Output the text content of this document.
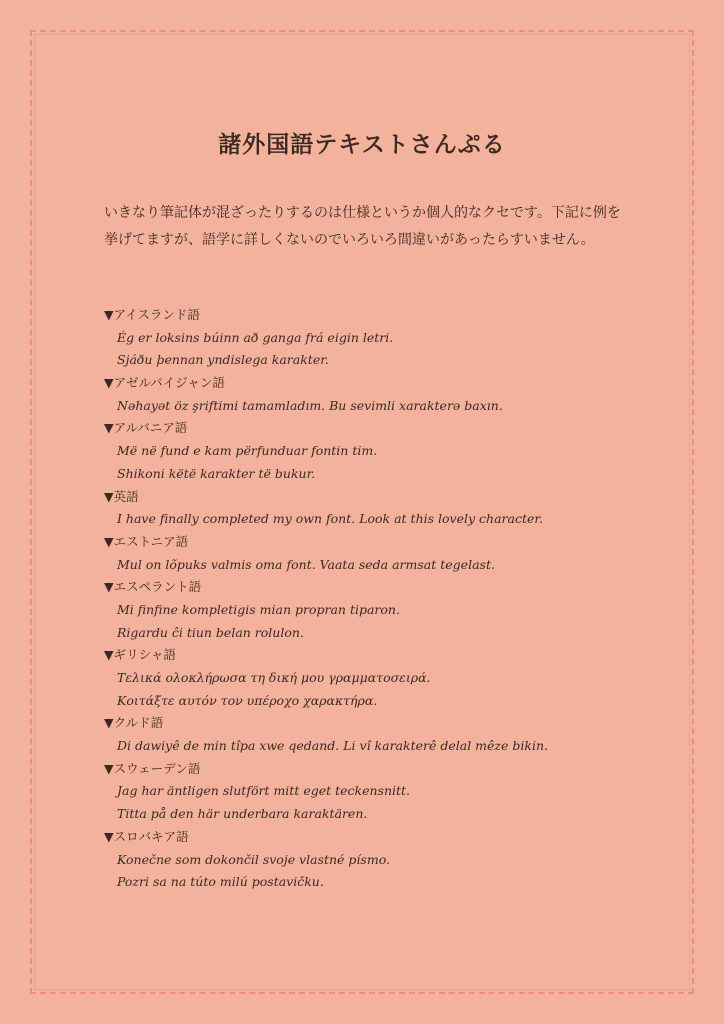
諸外国語テキストさんぷる

いきなり筆記体が混ざったりするのは仕様というか個人的なクセです。下記に例を挙げてますが、語学に詳しくないのでいろいろ間違いがあったらすいません。

▼アイスランド語
Ég er loksins búinn að ganga frá eigin letri.
Sjáðu þennan yndislega karakter.
▼アゼルバイジャン語
Nəhayət öz şriftimi tamamladım. Bu sevimli xarakterə baxın.
▼アルバニア語
Më në fund e kam përfunduar fontin tim.
Shikoni këtë karakter të bukur.
▼英語
I have finally completed my own font. Look at this lovely character.
▼エストニア語
Mul on lõpuks valmis oma font. Vaata seda armsat tegelast.
▼エスペラント語
Mi finfine kompletigis mian propran tiparon.
Rigardu ĉi tiun belan rolulon.
▼ギリシャ語
Τελικά ολοκλήρωσα τη δική μου γραμματοσειρά.
Κοιτάξτε αυτόν τον υπέροχο χαρακτήρα.
▼クルド語
Di dawiyê de min tîpa xwe qedand. Li vî karakterê delal mêze bikin.
▼スウェーデン語
Jag har äntligen slutfört mitt eget teckensnitt.
Titta på den här underbara karaktären.
▼スロバキア語
Konečne som dokončil svoje vlastné písmo.
Pozri sa na túto milú postavičku.
